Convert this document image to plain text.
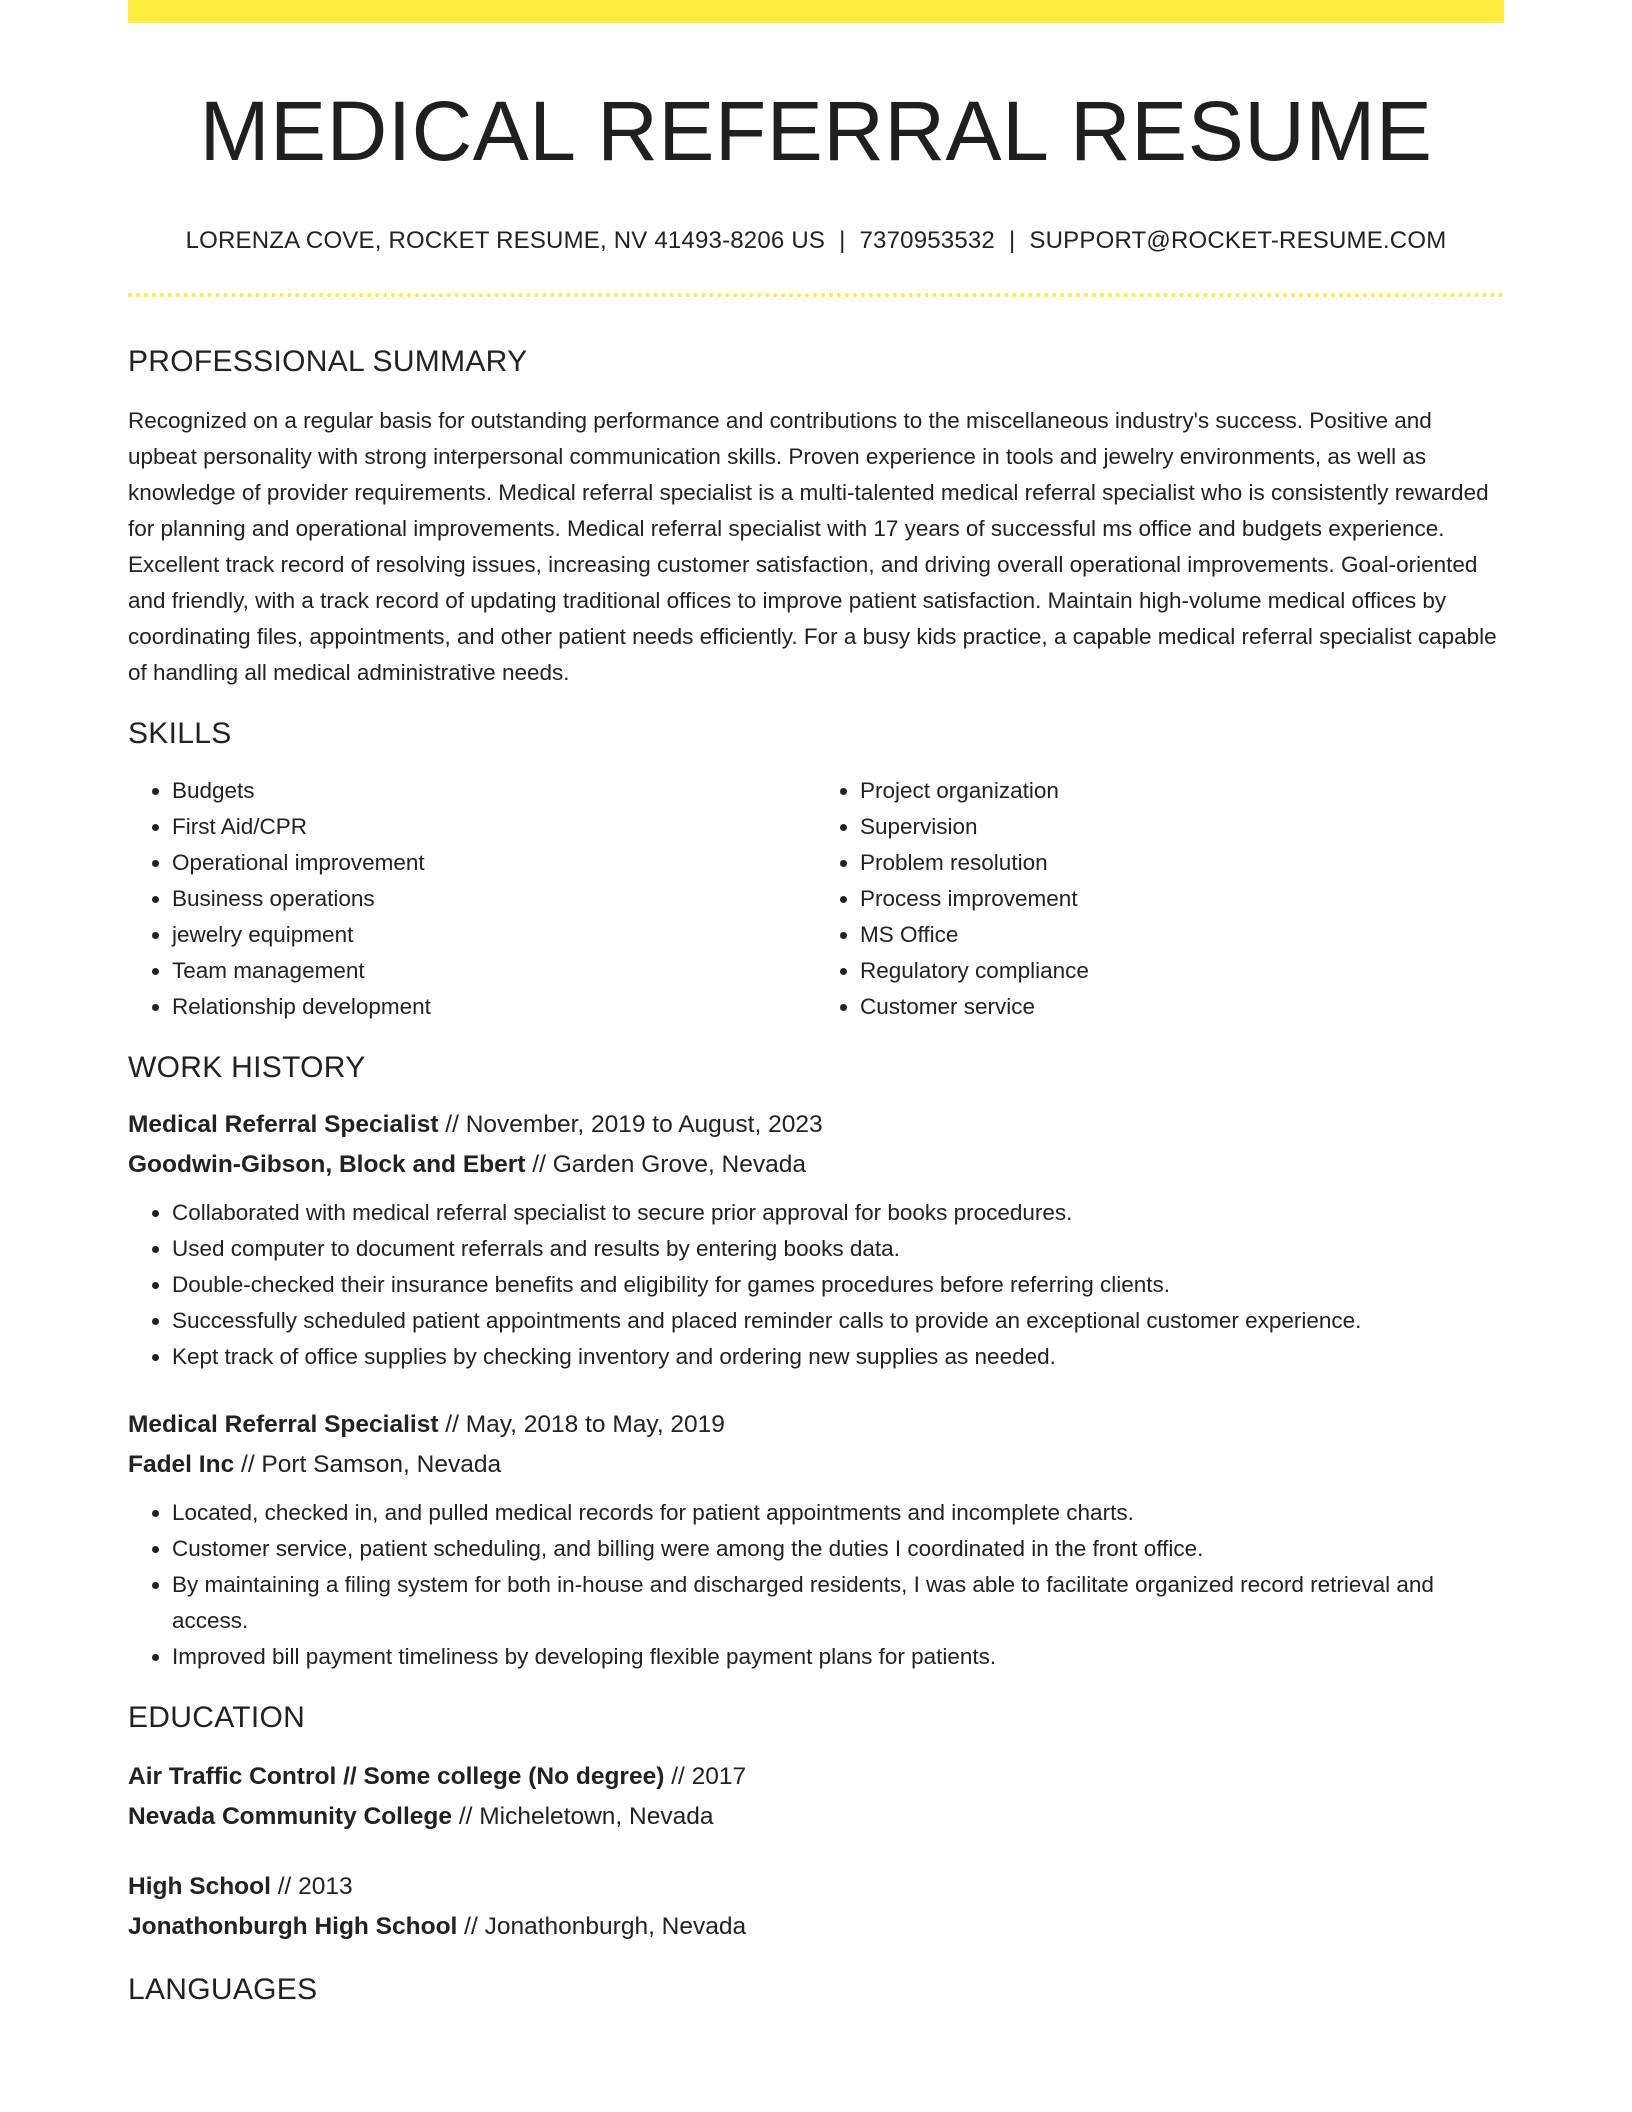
MEDICAL REFERRAL RESUME
LORENZA COVE, ROCKET RESUME, NV 41493-8206 US | 7370953532 | SUPPORT@ROCKET-RESUME.COM
PROFESSIONAL SUMMARY
Recognized on a regular basis for outstanding performance and contributions to the miscellaneous industry's success. Positive and upbeat personality with strong interpersonal communication skills. Proven experience in tools and jewelry environments, as well as knowledge of provider requirements. Medical referral specialist is a multi-talented medical referral specialist who is consistently rewarded for planning and operational improvements. Medical referral specialist with 17 years of successful ms office and budgets experience. Excellent track record of resolving issues, increasing customer satisfaction, and driving overall operational improvements. Goal-oriented and friendly, with a track record of updating traditional offices to improve patient satisfaction. Maintain high-volume medical offices by coordinating files, appointments, and other patient needs efficiently. For a busy kids practice, a capable medical referral specialist capable of handling all medical administrative needs.
SKILLS
• Budgets
• First Aid/CPR
• Operational improvement
• Business operations
• jewelry equipment
• Team management
• Relationship development
• Project organization
• Supervision
• Problem resolution
• Process improvement
• MS Office
• Regulatory compliance
• Customer service
WORK HISTORY
Medical Referral Specialist // November, 2019 to August, 2023
Goodwin-Gibson, Block and Ebert // Garden Grove, Nevada
• Collaborated with medical referral specialist to secure prior approval for books procedures.
• Used computer to document referrals and results by entering books data.
• Double-checked their insurance benefits and eligibility for games procedures before referring clients.
• Successfully scheduled patient appointments and placed reminder calls to provide an exceptional customer experience.
• Kept track of office supplies by checking inventory and ordering new supplies as needed.
Medical Referral Specialist // May, 2018 to May, 2019
Fadel Inc // Port Samson, Nevada
• Located, checked in, and pulled medical records for patient appointments and incomplete charts.
• Customer service, patient scheduling, and billing were among the duties I coordinated in the front office.
• By maintaining a filing system for both in-house and discharged residents, I was able to facilitate organized record retrieval and access.
• Improved bill payment timeliness by developing flexible payment plans for patients.
EDUCATION
Air Traffic Control // Some college (No degree) // 2017
Nevada Community College // Micheletown, Nevada
High School // 2013
Jonathonburgh High School // Jonathonburgh, Nevada
LANGUAGES
